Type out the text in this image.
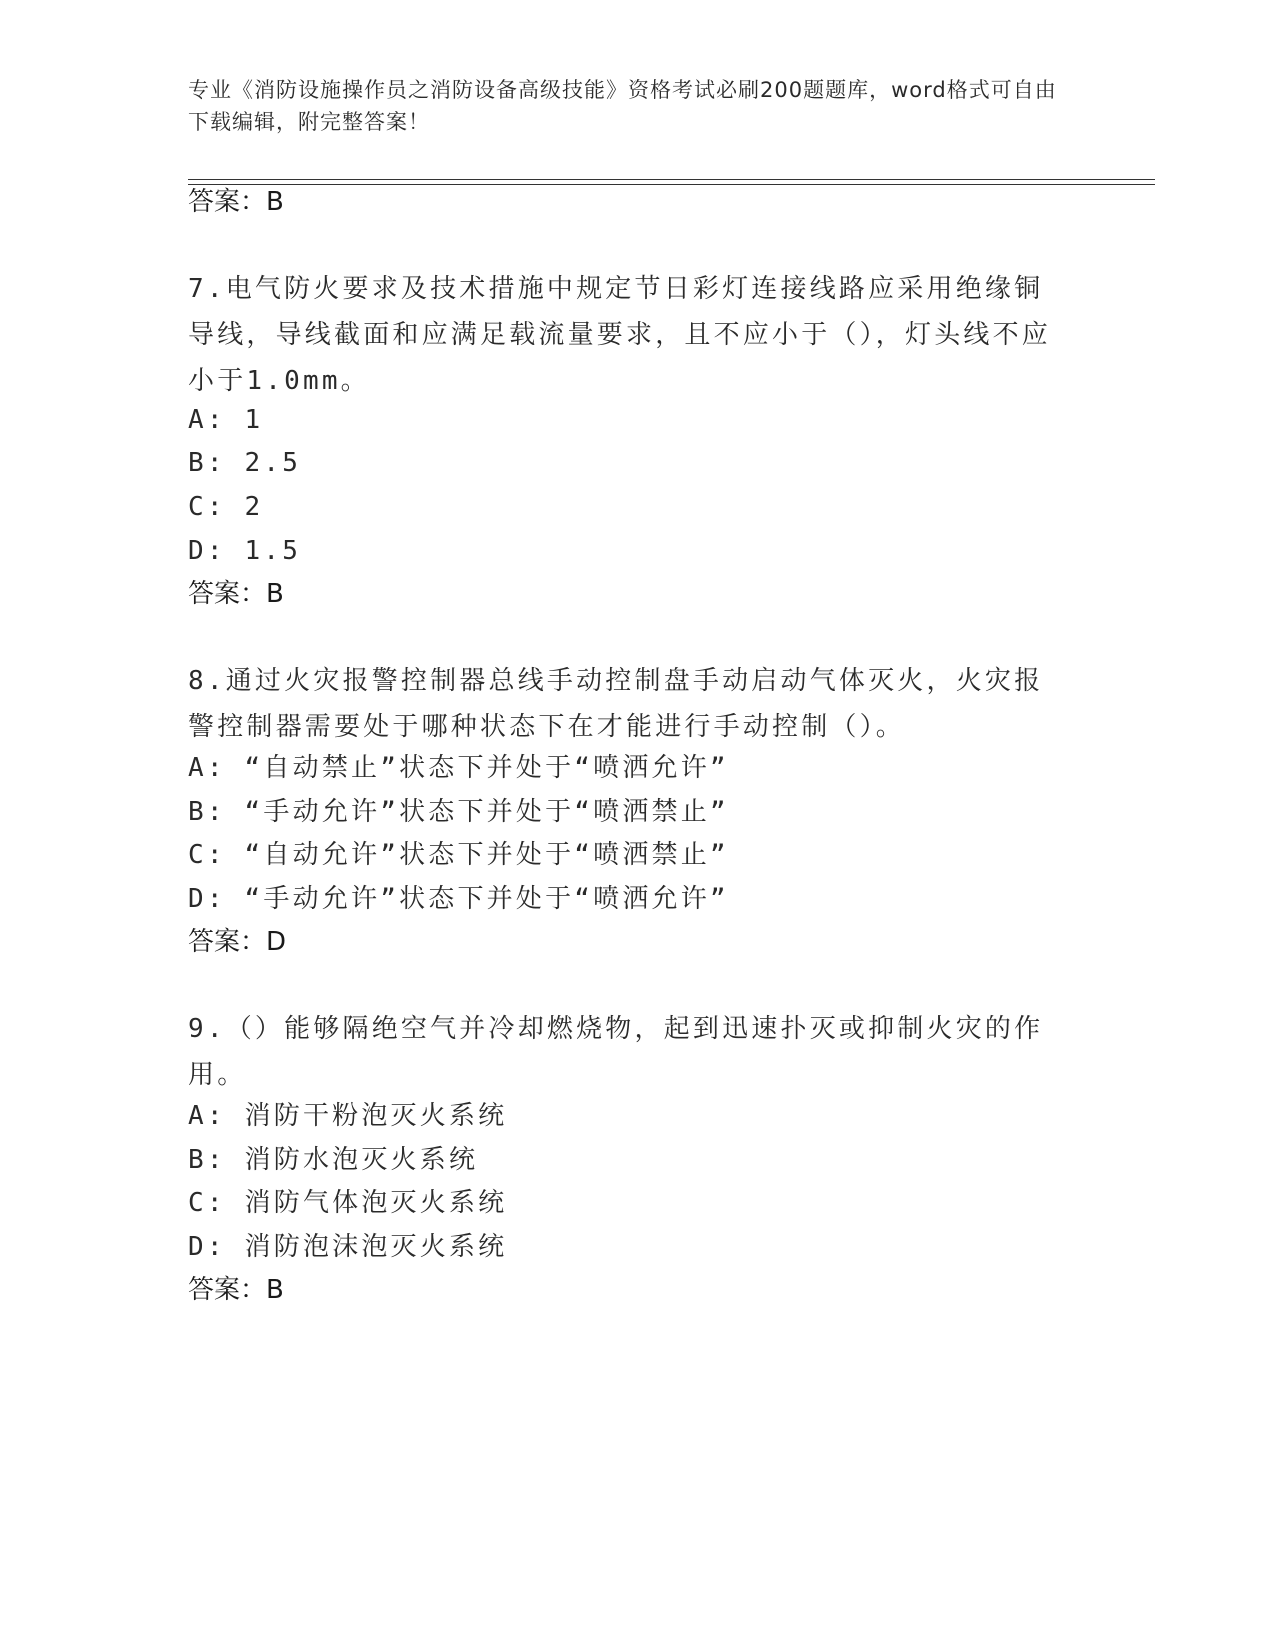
专业《消防设施操作员之消防设备高级技能》资格考试必刷200题题库，word格式可自由下载编辑，附完整答案！
答案：B
7.电气防火要求及技术措施中规定节日彩灯连接线路应采用绝缘铜导线，导线截面和应满足载流量要求，且不应小于（），灯头线不应小于1.0mm。
A: 1
B: 2.5
C: 2
D: 1.5
答案：B
8.通过火灾报警控制器总线手动控制盘手动启动气体灭火，火灾报警控制器需要处于哪种状态下在才能进行手动控制（）。
A: “自动禁止”状态下并处于“喷洒允许”
B: “手动允许”状态下并处于“喷洒禁止”
C: “自动允许”状态下并处于“喷洒禁止”
D: “手动允许”状态下并处于“喷洒允许”
答案：D
9.（）能够隔绝空气并冷却燃烧物，起到迅速扑灭或抑制火灾的作用。
A: 消防干粉泡灭火系统
B: 消防水泡灭火系统
C: 消防气体泡灭火系统
D: 消防泡沫泡灭火系统
答案：B
